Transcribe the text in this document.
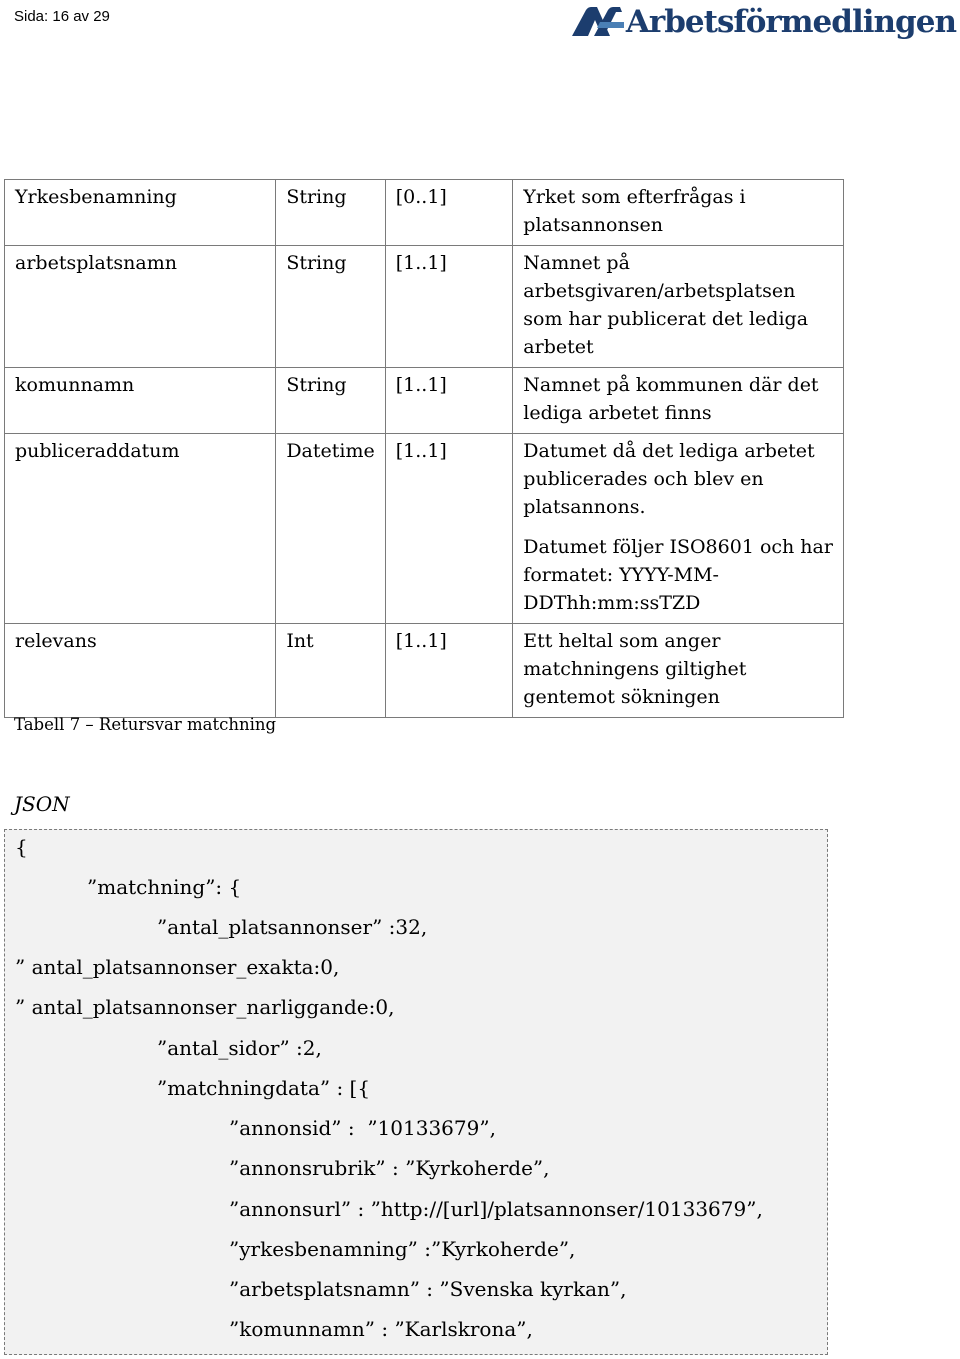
Sida: 16 av 29	Arbetsförmedlingen
Yrkesbenamning	String	[0..1]	Yrket som efterfrågas i platsannonsen
arbetsplatsnamn	String	[1..1]	Namnet på arbetsgivaren/arbetsplatsen som har publicerat det lediga arbetet
komunnamn	String	[1..1]	Namnet på kommunen där det lediga arbetet finns
publiceraddatum	Datetime	[1..1]	Datumet då det lediga arbetet publicerades och blev en platsannons.
Datumet följer ISO8601 och har formatet: YYYY-MM-DDThh:mm:ssTZD

relevans	Int	[1..1]	Ett heltal som anger matchningens giltighet gentemot sökningen
Tabell 7 – Retursvar matchning
JSON
{
”matchning”: {
”antal_platsannonser” :32,
” antal_platsannonser_exakta:0,
” antal_platsannonser_narliggande:0,
”antal_sidor” :2,
”matchningdata” : [{
”annonsid” :  ”10133679”,
”annonsrubrik” : ”Kyrkoherde”,
”annonsurl” : ”http://[url]/platsannonser/10133679”,
”yrkesbenamning” :”Kyrkoherde”,
”arbetsplatsnamn” : ”Svenska kyrkan”,
”komunnamn” : ”Karlskrona”,
